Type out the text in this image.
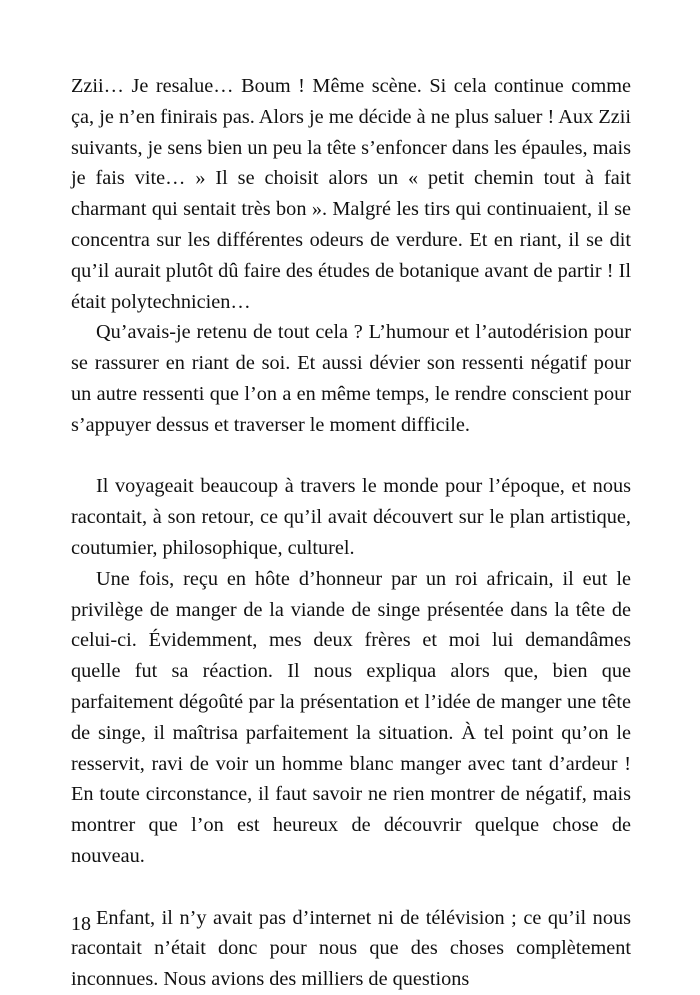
Zzii… Je resalue… Boum ! Même scène. Si cela continue comme ça, je n’en finirais pas. Alors je me décide à ne plus saluer ! Aux Zzii suivants, je sens bien un peu la tête s’enfoncer dans les épaules, mais je fais vite… » Il se choisit alors un « petit chemin tout à fait charmant qui sentait très bon ». Malgré les tirs qui continuaient, il se concentra sur les différentes odeurs de verdure. Et en riant, il se dit qu’il aurait plutôt dû faire des études de botanique avant de partir ! Il était polytechnicien…

Qu’avais-je retenu de tout cela ? L’humour et l’autodérision pour se rassurer en riant de soi. Et aussi dévier son ressenti négatif pour un autre ressenti que l’on a en même temps, le rendre conscient pour s’appuyer dessus et traverser le moment difficile.

Il voyageait beaucoup à travers le monde pour l’époque, et nous racontait, à son retour, ce qu’il avait découvert sur le plan artistique, coutumier, philosophique, culturel.

Une fois, reçu en hôte d’honneur par un roi africain, il eut le privilège de manger de la viande de singe présentée dans la tête de celui-ci. Évidemment, mes deux frères et moi lui demandâmes quelle fut sa réaction. Il nous expliqua alors que, bien que parfaitement dégoûté par la présentation et l’idée de manger une tête de singe, il maîtrisa parfaitement la situation. À tel point qu’on le resservit, ravi de voir un homme blanc manger avec tant d’ardeur ! En toute circonstance, il faut savoir ne rien montrer de négatif, mais montrer que l’on est heureux de découvrir quelque chose de nouveau.

Enfant, il n’y avait pas d’internet ni de télévision ; ce qu’il nous racontait n’était donc pour nous que des choses complètement inconnues. Nous avions des milliers de questions

18
